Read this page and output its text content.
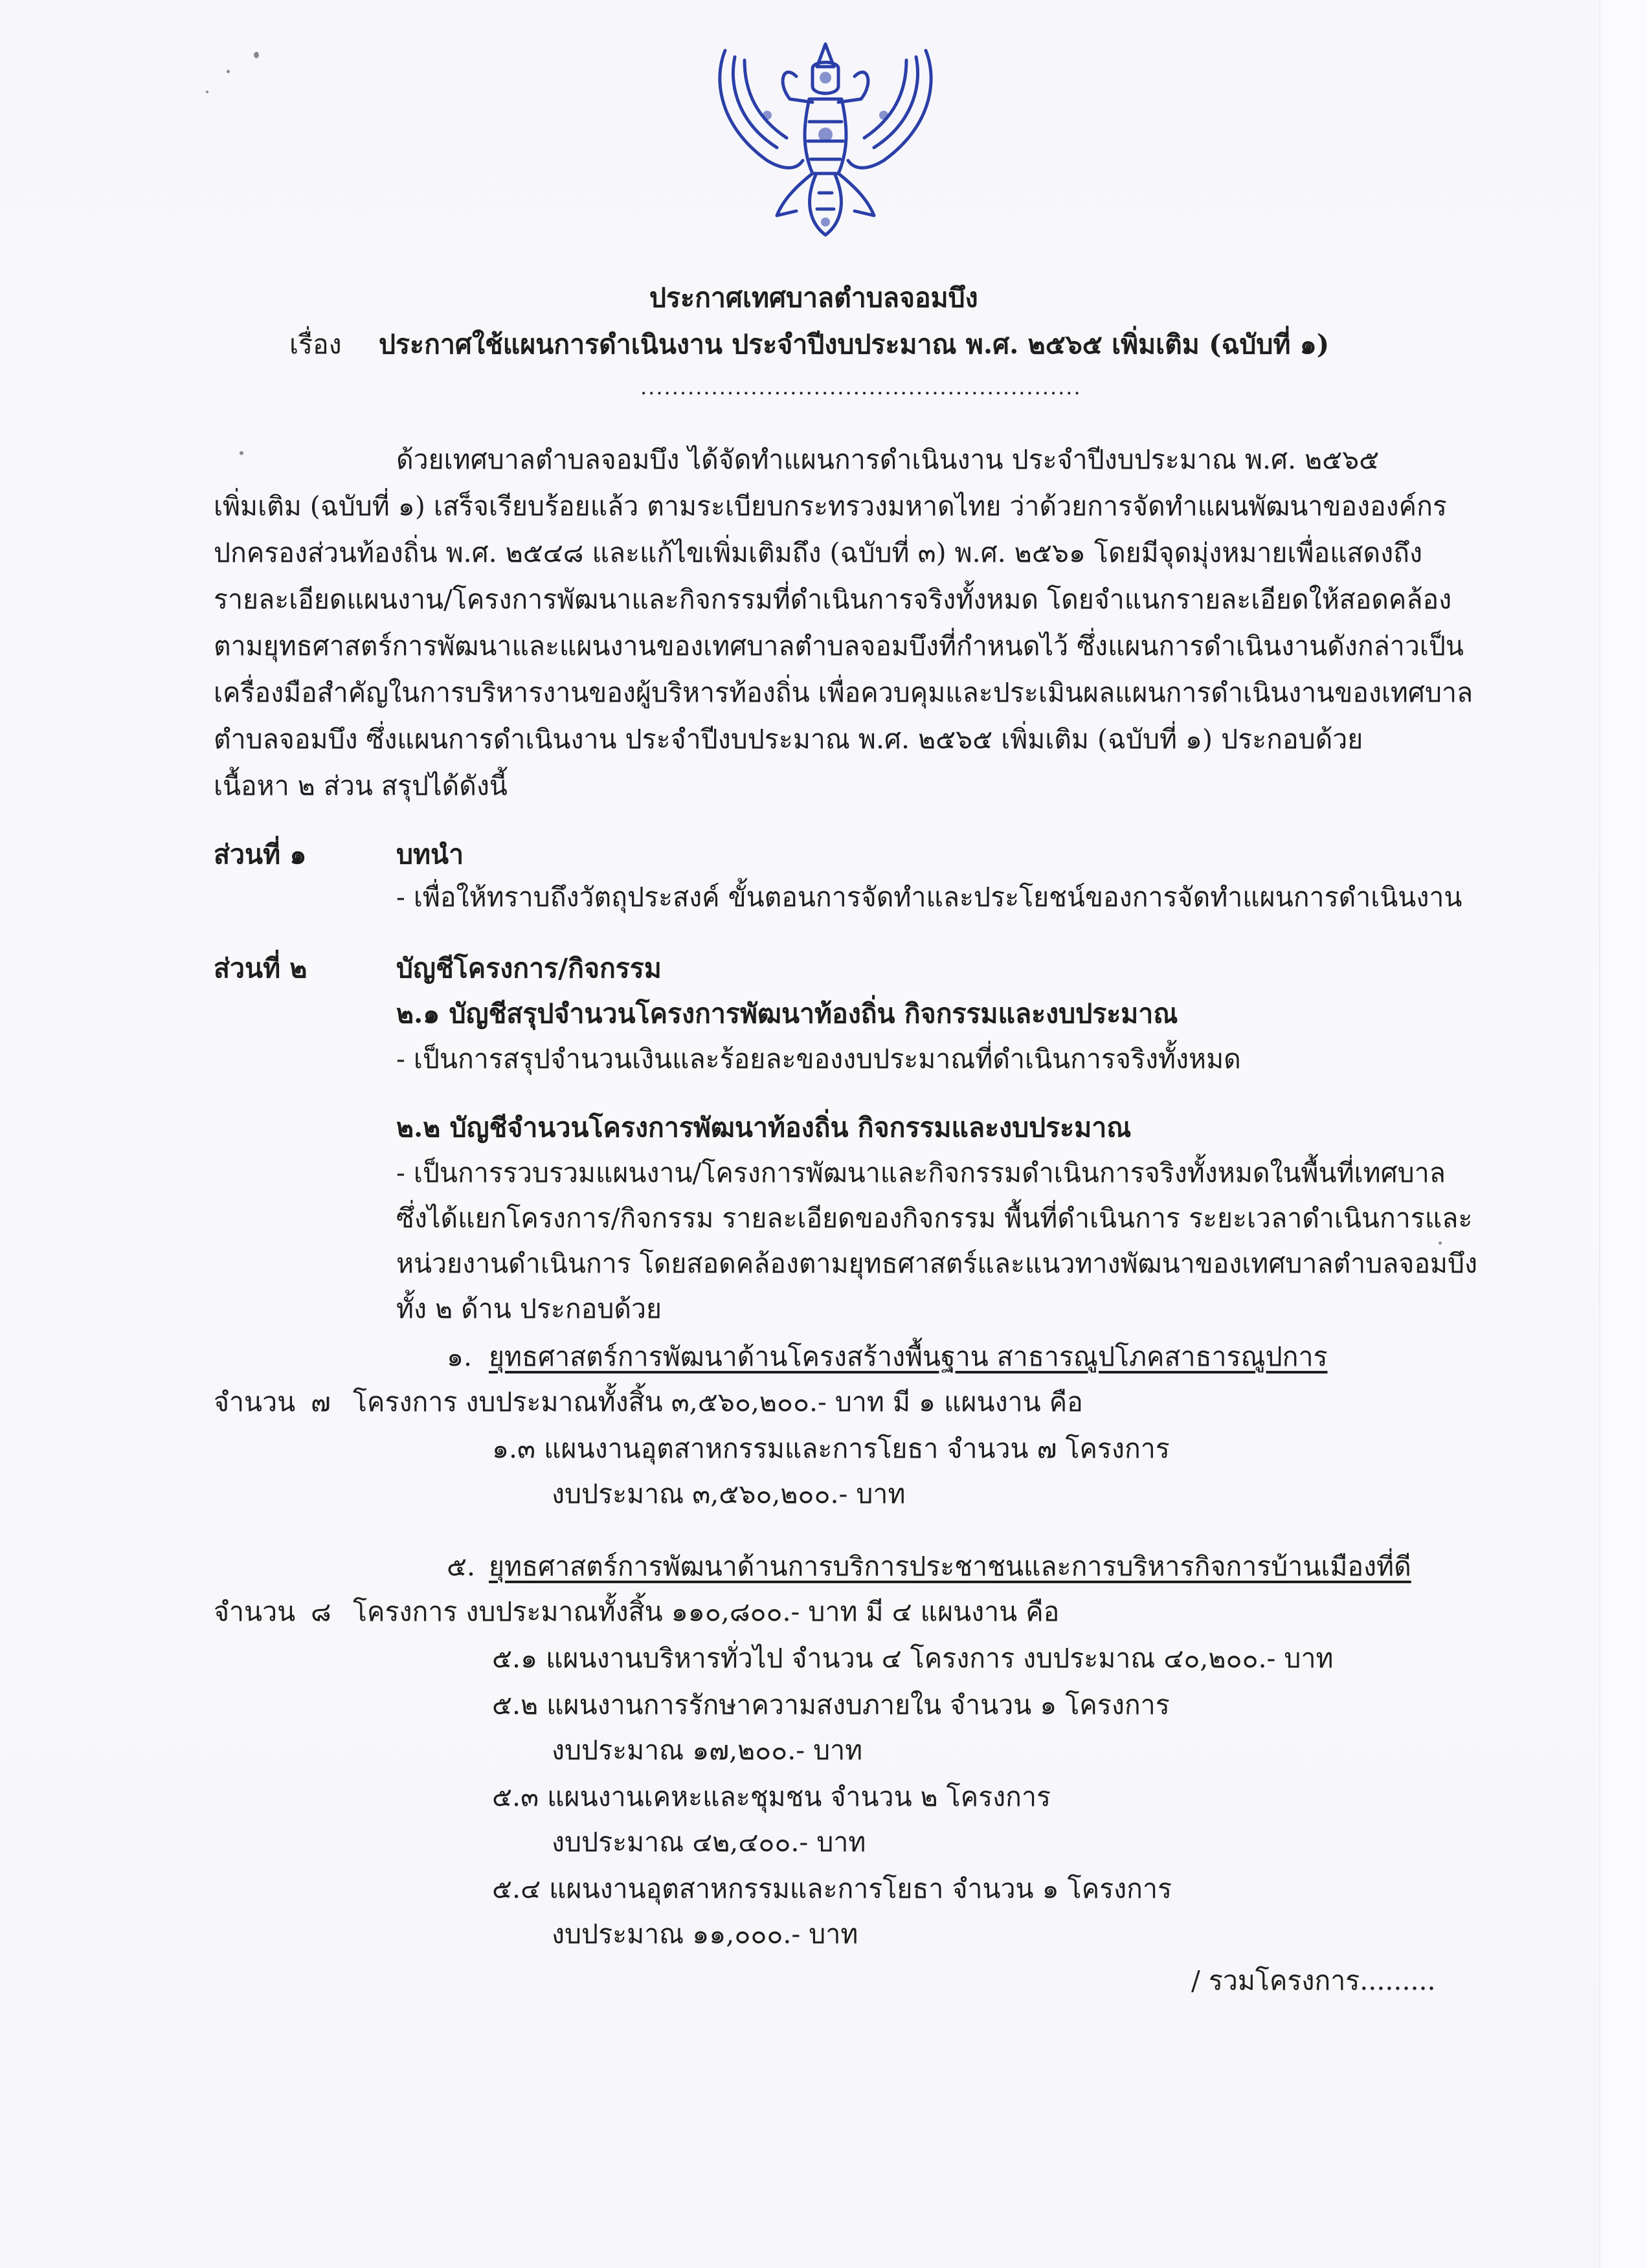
ประกาศเทศบาลตำบลจอมบึง
เรื่อง ประกาศใช้แผนการดำเนินงาน ประจำปีงบประมาณ พ.ศ. ๒๕๖๕ เพิ่มเติม (ฉบับที่ ๑)
........................................................
ด้วยเทศบาลตำบลจอมบึง ได้จัดทำแผนการดำเนินงาน ประจำปีงบประมาณ พ.ศ. ๒๕๖๕
เพิ่มเติม (ฉบับที่ ๑) เสร็จเรียบร้อยแล้ว ตามระเบียบกระทรวงมหาดไทย ว่าด้วยการจัดทำแผนพัฒนาขององค์กร
ปกครองส่วนท้องถิ่น พ.ศ. ๒๕๔๘ และแก้ไขเพิ่มเติมถึง (ฉบับที่ ๓) พ.ศ. ๒๕๖๑ โดยมีจุดมุ่งหมายเพื่อแสดงถึง
รายละเอียดแผนงาน/โครงการพัฒนาและกิจกรรมที่ดำเนินการจริงทั้งหมด โดยจำแนกรายละเอียดให้สอดคล้อง
ตามยุทธศาสตร์การพัฒนาและแผนงานของเทศบาลตำบลจอมบึงที่กำหนดไว้ ซึ่งแผนการดำเนินงานดังกล่าวเป็น
เครื่องมือสำคัญในการบริหารงานของผู้บริหารท้องถิ่น เพื่อควบคุมและประเมินผลแผนการดำเนินงานของเทศบาล
ตำบลจอมบึง ซึ่งแผนการดำเนินงาน ประจำปีงบประมาณ พ.ศ. ๒๕๖๕ เพิ่มเติม (ฉบับที่ ๑) ประกอบด้วย
เนื้อหา ๒ ส่วน สรุปได้ดังนี้
ส่วนที่ ๑	บทนำ
- เพื่อให้ทราบถึงวัตถุประสงค์ ขั้นตอนการจัดทำและประโยชน์ของการจัดทำแผนการดำเนินงาน
ส่วนที่ ๒	บัญชีโครงการ/กิจกรรม
๒.๑ บัญชีสรุปจำนวนโครงการพัฒนาท้องถิ่น กิจกรรมและงบประมาณ
- เป็นการสรุปจำนวนเงินและร้อยละของงบประมาณที่ดำเนินการจริงทั้งหมด
๒.๒ บัญชีจำนวนโครงการพัฒนาท้องถิ่น กิจกรรมและงบประมาณ
- เป็นการรวบรวมแผนงาน/โครงการพัฒนาและกิจกรรมดำเนินการจริงทั้งหมดในพื้นที่เทศบาล
ซึ่งได้แยกโครงการ/กิจกรรม รายละเอียดของกิจกรรม พื้นที่ดำเนินการ ระยะเวลาดำเนินการและ
หน่วยงานดำเนินการ โดยสอดคล้องตามยุทธศาสตร์และแนวทางพัฒนาของเทศบาลตำบลจอมบึง
ทั้ง ๒ ด้าน ประกอบด้วย
๑. ยุทธศาสตร์การพัฒนาด้านโครงสร้างพื้นฐาน สาธารณูปโภคสาธารณูปการ
จำนวน ๗ โครงการ งบประมาณทั้งสิ้น ๓,๕๖๐,๒๐๐.- บาท มี ๑ แผนงาน คือ
๑.๓ แผนงานอุตสาหกรรมและการโยธา จำนวน ๗ โครงการ
งบประมาณ ๓,๕๖๐,๒๐๐.- บาท
๕. ยุทธศาสตร์การพัฒนาด้านการบริการประชาชนและการบริหารกิจการบ้านเมืองที่ดี
จำนวน ๘ โครงการ งบประมาณทั้งสิ้น ๑๑๐,๘๐๐.- บาท มี ๔ แผนงาน คือ
๕.๑ แผนงานบริหารทั่วไป จำนวน ๔ โครงการ งบประมาณ ๔๐,๒๐๐.- บาท
๕.๒ แผนงานการรักษาความสงบภายใน จำนวน ๑ โครงการ
งบประมาณ ๑๗,๒๐๐.- บาท
๕.๓ แผนงานเคหะและชุมชน จำนวน ๒ โครงการ
งบประมาณ ๔๒,๔๐๐.- บาท
๕.๔ แผนงานอุตสาหกรรมและการโยธา จำนวน ๑ โครงการ
งบประมาณ ๑๑,๐๐๐.- บาท
/ รวมโครงการ.........
